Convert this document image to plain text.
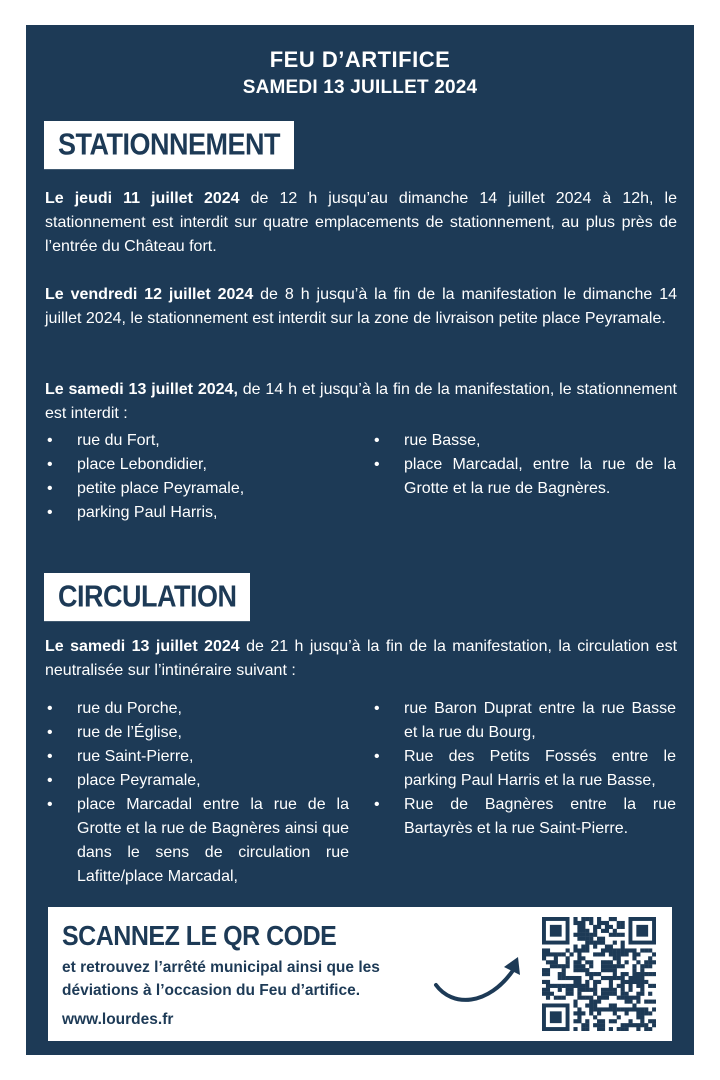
FEU D’ARTIFICE
SAMEDI 13 JUILLET 2024
STATIONNEMENT

Le jeudi 11 juillet 2024 de 12 h jusqu’au dimanche 14 juillet 2024 à 12h, le stationnement est interdit sur quatre emplacements de stationnement, au plus près de l’entrée du Château fort.

Le vendredi 12 juillet 2024 de 8 h jusqu’à la fin de la manifestation le dimanche 14 juillet 2024, le stationnement est interdit sur la zone de livraison petite place Peyramale.

Le samedi 13 juillet 2024, de 14 h et jusqu’à la fin de la manifestation, le stationnement est interdit :

• rue du Fort,
• place Lebondidier,
• petite place Peyramale,
• parking Paul Harris,
• rue Basse,
• place Marcadal, entre la rue de la Grotte et la rue de Bagnères.
CIRCULATION

Le samedi 13 juillet 2024 de 21 h jusqu’à la fin de la manifestation, la circulation est neutralisée sur l’intinéraire suivant :

• rue du Porche,
• rue de l’Église,
• rue Saint-Pierre,
• place Peyramale,
• place Marcadal entre la rue de la Grotte et la rue de Bagnères ainsi que dans le sens de circulation rue Lafitte/place Marcadal,
• rue Baron Duprat entre la rue Basse et la rue du Bourg,
• Rue des Petits Fossés entre le parking Paul Harris et la rue Basse,
• Rue de Bagnères entre la rue Bartayrès et la rue Saint-Pierre.
SCANNEZ LE QR CODE
et retrouvez l’arrêté municipal ainsi que les déviations à l’occasion du Feu d’artifice.
www.lourdes.fr
